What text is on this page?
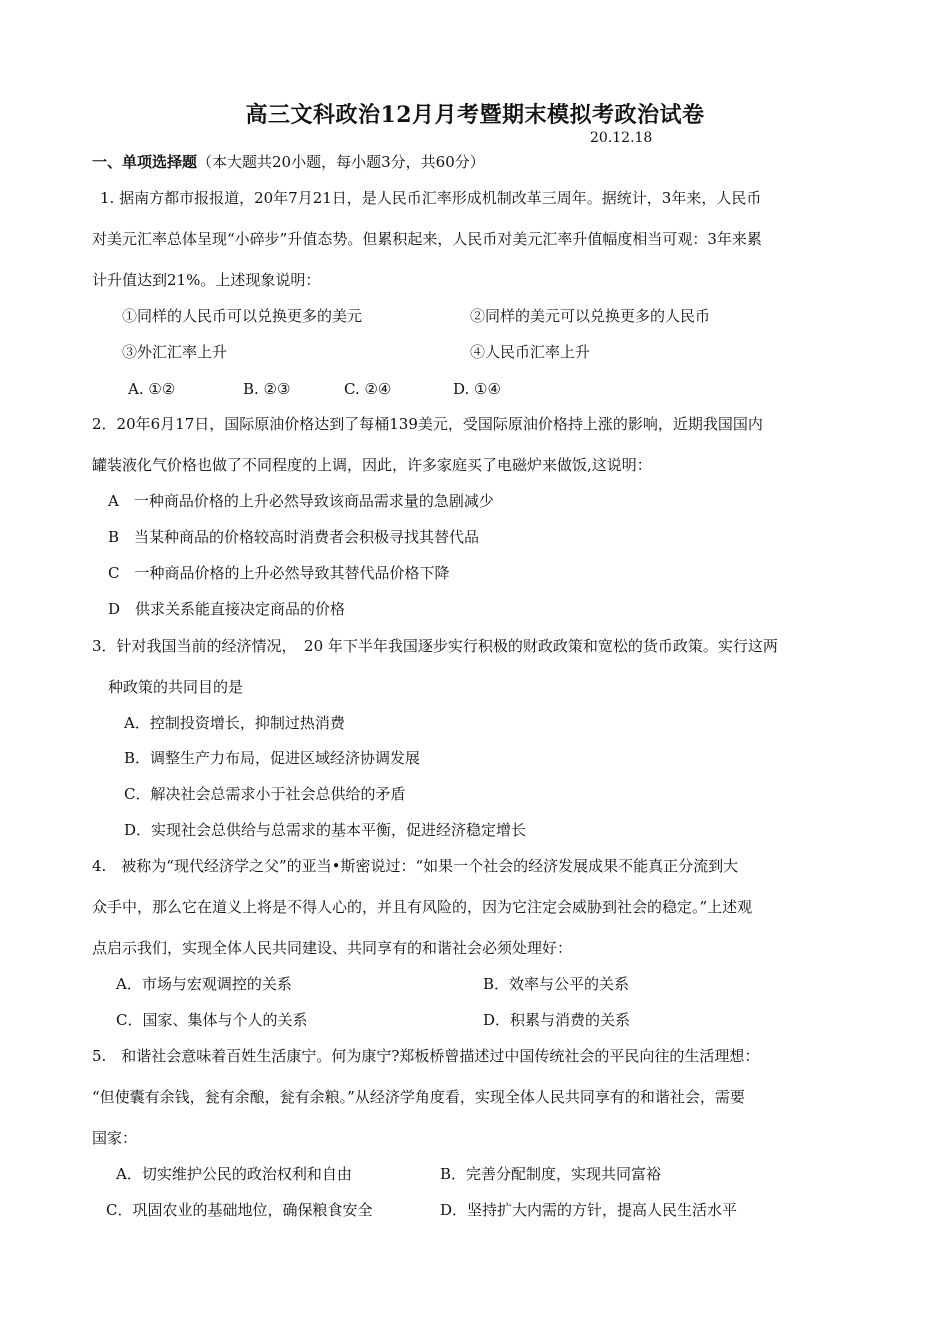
高三文科政治12月月考暨期末模拟考政治试卷
20.12.18
一、单项选择题（本大题共20小题，每小题3分，共60分）
1. 据南方都市报报道，20年7月21日，是人民币汇率形成机制改革三周年。据统计，3年来，人民币
对美元汇率总体呈现“小碎步”升值态势。但累积起来，人民币对美元汇率升值幅度相当可观：3年来累
计升值达到21%。上述现象说明：
①同样的人民币可以兑换更多的美元	②同样的美元可以兑换更多的人民币
③外汇汇率上升	④人民币汇率上升
A. ①②	B. ②③	C. ②④	D. ①④
2．20年6月17日，国际原油价格达到了每桶139美元，受国际原油价格持上涨的影响，近期我国国内
罐装液化气价格也做了不同程度的上调，因此，许多家庭买了电磁炉来做饭,这说明：
A　一种商品价格的上升必然导致该商品需求量的急剧减少
B　当某种商品的价格较高时消费者会积极寻找其替代品
C　一种商品价格的上升必然导致其替代品价格下降
D　供求关系能直接决定商品的价格
3．针对我国当前的经济情况，　20 年下半年我国逐步实行积极的财政政策和宽松的货币政策。实行这两
种政策的共同目的是
A．控制投资增长，抑制过热消费
B．调整生产力布局，促进区域经济协调发展
C．解决社会总需求小于社会总供给的矛盾
D．实现社会总供给与总需求的基本平衡，促进经济稳定增长
4.　被称为“现代经济学之父”的亚当•斯密说过：“如果一个社会的经济发展成果不能真正分流到大
众手中，那么它在道义上将是不得人心的，并且有风险的，因为它注定会威胁到社会的稳定。”上述观
点启示我们，实现全体人民共同建设、共同享有的和谐社会必须处理好：
A．市场与宏观调控的关系	B．效率与公平的关系
C．国家、集体与个人的关系	D．积累与消费的关系
5.　和谐社会意味着百姓生活康宁。何为康宁?郑板桥曾描述过中国传统社会的平民向往的生活理想：
“但使囊有余钱，瓮有余酿，瓮有余粮。”从经济学角度看，实现全体人民共同享有的和谐社会，需要
国家：
A．切实维护公民的政治权利和自由	B．完善分配制度，实现共同富裕
C．巩固农业的基础地位，确保粮食安全	D．坚持扩大内需的方针，提高人民生活水平
